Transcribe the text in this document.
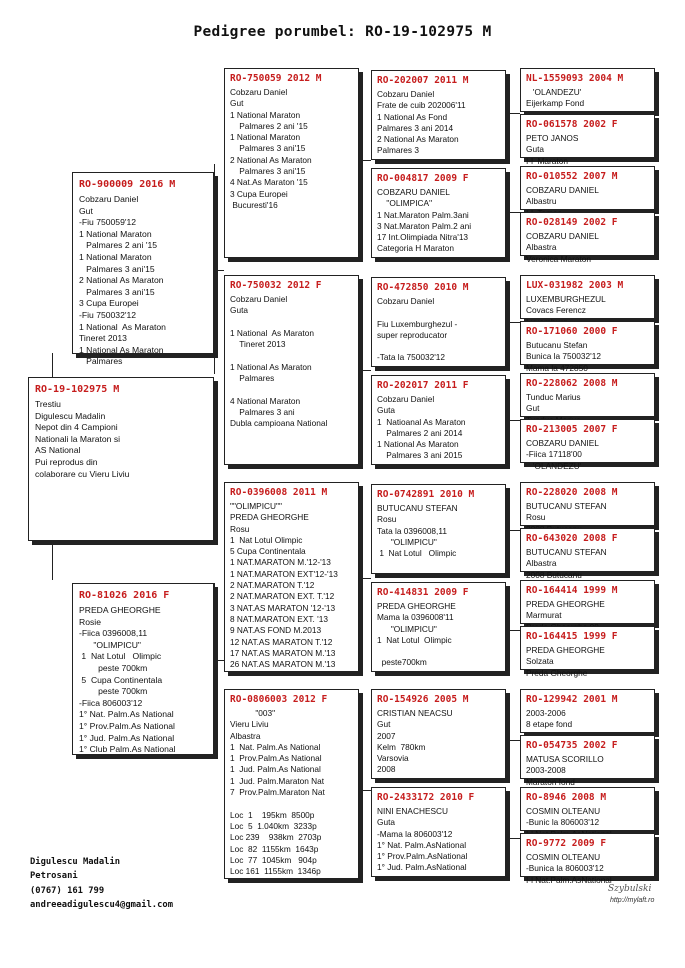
Pedigree porumbel: RO-19-102975 M
RO-900009 2016 M
Cobzaru Daniel
Gut
-Fiu 750059'12
1 National Maraton
Palmares 2 ani '15
1 National Maraton
Palmares 3 ani'15
2 National As Maraton
Palmares 3 ani'15
3 Cupa Europei
-Fiu 750032'12
1 National  As Maraton
Tineret 2013
1 National As Maraton
Palmares
RO-19-102975 M
Trestiu
Digulescu Madalin
Nepot din 4 Campioni
Nationali la Maraton si
AS National
Pui reprodus din
colaborare cu Vieru Liviu
RO-81026 2016 F
PREDA GHEORGHE
Rosie
-Fiica 0396008,11
"OLIMPICU"
1  Nat Lotul   Olimpic
peste 700km
5  Cupa Continentala
peste 700km
-Fiica 806003'12
1° Nat. Palm.As National
1° Prov.Palm.As National
1° Jud. Palm.As National
1° Club Palm.As National
RO-750059 2012 M
Cobzaru Daniel
Gut
1 National Maraton
Palmares 2 ani '15
1 National Maraton
Palmares 3 ani'15
2 National As Maraton
Palmares 3 ani'15
4 Nat.As Maraton '15
3 Cupa Europei
Bucuresti'16
RO-750032 2012 F
Cobzaru Daniel
Guta

1 National  As Maraton
Tineret 2013

1 National As Maraton
Palmares

4 National Maraton
Palmares 3 ani
Dubla campioana National
RO-0396008 2011 M
""OLIMPICU""
PREDA GHEORGHE
Rosu
1  Nat Lotul Olimpic
5 Cupa Continentala
1 NAT.MARATON M.'12-'13
1 NAT.MARATON EXT'12-'13
2 NAT.MARATON T.'12
2 NAT.MARATON EXT. T.'12
3 NAT.AS MARATON '12-'13
8 NAT.MARATON EXT. '13
9 NAT.AS FOND M.2013
12 NAT.AS MARATON T.'12
17 NAT.AS MARATON M.'13
26 NAT.AS MARATON M.'13
RO-0806003 2012 F
"003"
Vieru Liviu
Albastra
1  Nat. Palm.As National
1  Prov.Palm.As National
1  Jud. Palm.As National
1  Jud. Palm.Maraton Nat
7  Prov.Palm.Maraton Nat

Loc  1    195km  8500p
Loc  5  1.040km  3233p
Loc 239    938km  2703p
Loc  82  1155km  1643p
Loc  77  1045km   904p
Loc 161  1155km  1346p
RO-202007 2011 M
Cobzaru Daniel
Frate de cuib 202006'11
1 National As Fond
Palmares 3 ani 2014
2 National As Maraton
Palmares 3
RO-004817 2009 F
COBZARU DANIEL
''OLIMPICA''
1 Nat.Maraton Palm.3ani
3 Nat.Maraton Palm.2 ani
17 Int.Olimpiada Nitra'13
Categoria H Maraton
RO-472850 2010 M
Cobzaru Daniel

Fiu Luxemburghezul -
super reproducator

-Tata la 750032'12
RO-202017 2011 F
Cobzaru Daniel
Guta
1  Natioanal As Maraton
Palmares 2 ani 2014
1 National As Maraton
Palmares 3 ani 2015
RO-0742891 2010 M
BUTUCANU STEFAN
Rosu
Tata la 0396008,11
"OLIMPICU"
1  Nat Lotul   Olimpic
RO-414831 2009 F
PREDA GHEORGHE
Mama la 0396008'11
"OLIMPICU"
1  Nat Lotul  Olimpic

peste700km
RO-154926 2005 M
CRISTIAN NEACSU
Gut
2007
Kelm  780km
Varsovia
2008
RO-2433172 2010 F
NINI ENACHESCU
Guta
-Mama la 806003'12
1° Nat. Palm.AsNational
1° Prov.Palm.AsNational
1° Jud. Palm.AsNational
NL-1559093 2004 M
'OLANDEZU'
Eijerkamp Fond
RO-061578 2002 F
PETO JANOS
Guta
I-l  Maraton
RO-010552 2007 M
COBZARU DANIEL
Albastru

RO-028149 2002 F
COBZARU DANIEL
Albastra
Veronica Maraton
LUX-031982 2003 M
LUXEMBURGHEZUL
Covacs Ferencz

RO-171060 2000 F
Butucanu Stefan
Bunica la 750032'12
Mama la 472850
RO-228062 2008 M
Tunduc Marius
Gut

RO-213005 2007 F
COBZARU DANIEL
-Fiica 17118'00
'OLANDEZU'
RO-228020 2008 M
BUTUCANU STEFAN
Rosu

RO-643020 2008 F
BUTUCANU STEFAN
Albastra
2008 Butucanu
RO-164414 1999 M
PREDA GHEORGHE
Marmurat

RO-164415 1999 F
PREDA GHEORGHE
Solzata
Preda Gheorghe
RO-129942 2001 M
2003-2006
8 etape fond
RO-054735 2002 F
MATUSA SCORILLO
2003-2008
Maraton fond
RO-8946 2008 M
COSMIN OLTEANU
-Bunic la 806003'12

RO-9772 2009 F
COSMIN OLTEANU
-Bunica la 806003'12
I-l Nat.Palm.AsNational
Digulescu Madalin
Petrosani
(0767) 161 799
andreeadigulescu4@gmail.com
Szybulski
http://mylaft.ro
